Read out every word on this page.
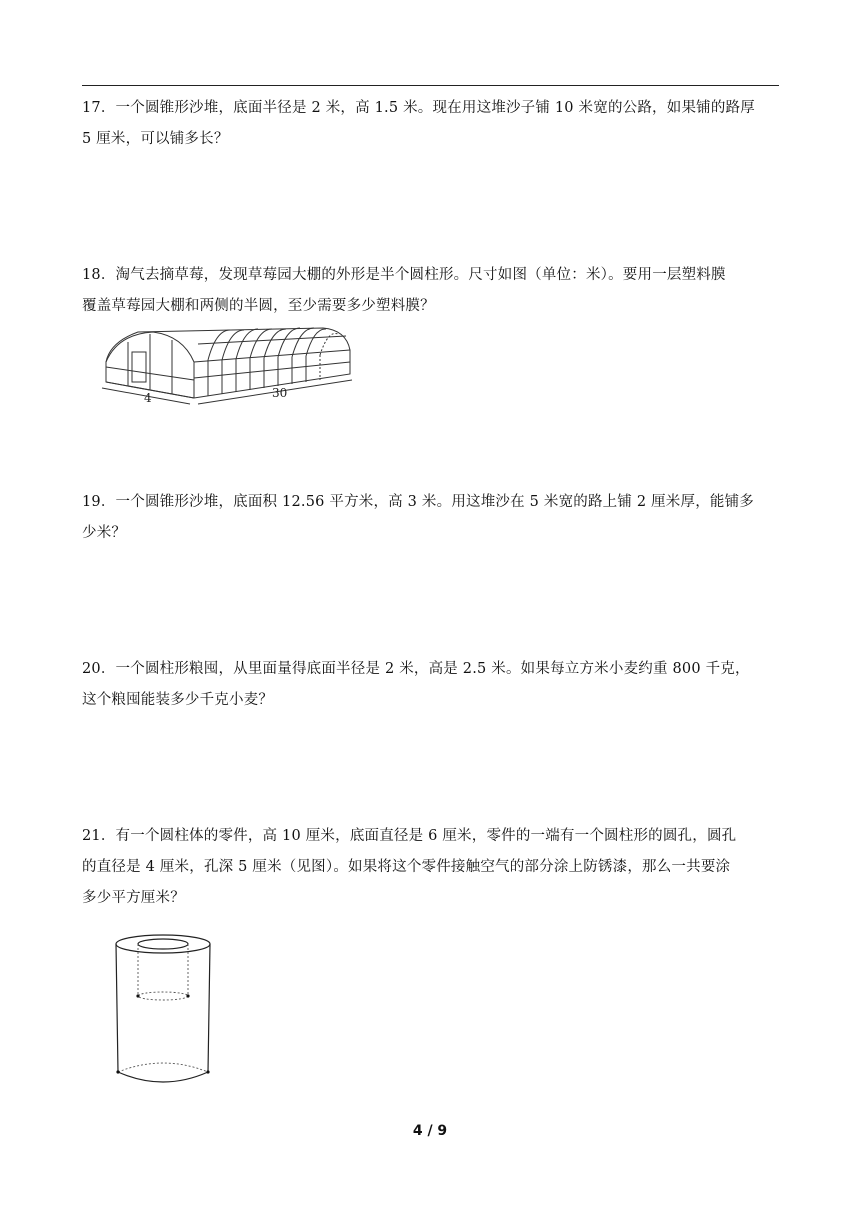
17．一个圆锥形沙堆，底面半径是 2 米，高 1.5 米。现在用这堆沙子铺 10 米宽的公路，如果铺的路厚
5 厘米，可以铺多长？
18．淘气去摘草莓，发现草莓园大棚的外形是半个圆柱形。尺寸如图（单位：米）。要用一层塑料膜
覆盖草莓园大棚和两侧的半圆，至少需要多少塑料膜？
4	30
19．一个圆锥形沙堆，底面积 12.56 平方米，高 3 米。用这堆沙在 5 米宽的路上铺 2 厘米厚，能铺多
少米？
20．一个圆柱形粮囤，从里面量得底面半径是 2 米，高是 2.5 米。如果每立方米小麦约重 800 千克，
这个粮囤能装多少千克小麦？
21．有一个圆柱体的零件，高 10 厘米，底面直径是 6 厘米，零件的一端有一个圆柱形的圆孔，圆孔
的直径是 4 厘米，孔深 5 厘米（见图）。如果将这个零件接触空气的部分涂上防锈漆，那么一共要涂
多少平方厘米？
4 / 9
